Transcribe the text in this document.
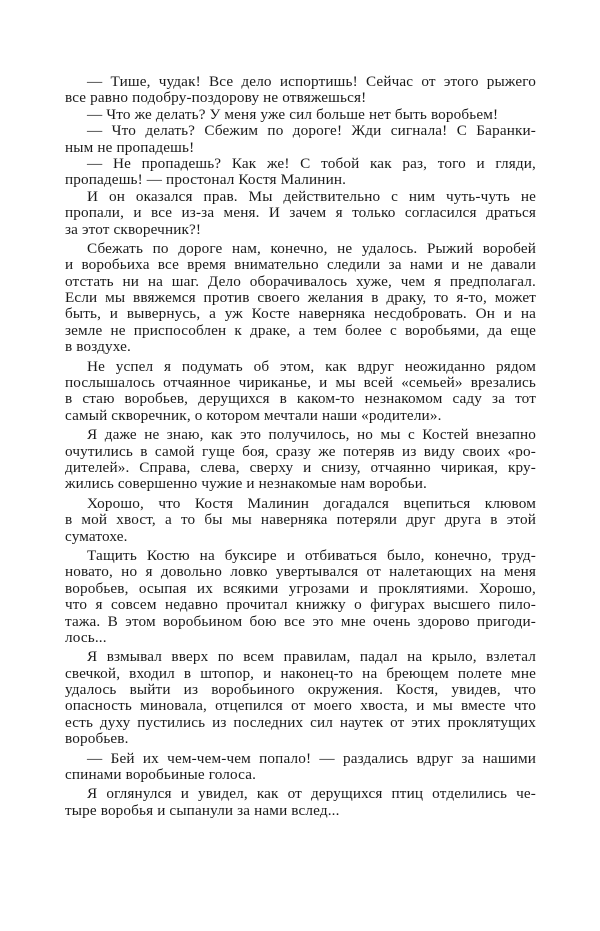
— Тише, чудак! Все дело испортишь! Сейчас от этого рыжего
все равно подобру-поздорову не отвяжешься!
— Что же делать? У меня уже сил больше нет быть воробьем!
— Что делать? Сбежим по дороге! Жди сигнала! С Баранки-
ным не пропадешь!
— Не пропадешь? Как же! С тобой как раз, того и гляди,
пропадешь! — простонал Костя Малинин.
И он оказался прав. Мы действительно с ним чуть-чуть не
пропали, и все из-за меня. И зачем я только согласился драться
за этот скворечник?!
Сбежать по дороге нам, конечно, не удалось. Рыжий воробей
и воробьиха все время внимательно следили за нами и не давали
отстать ни на шаг. Дело оборачивалось хуже, чем я предполагал.
Если мы ввяжемся против своего желания в драку, то я-то, может
быть, и вывернусь, а уж Косте наверняка несдобровать. Он и на
земле не приспособлен к драке, а тем более с воробьями, да еще
в воздухе.
Не успел я подумать об этом, как вдруг неожиданно рядом
послышалось отчаянное чириканье, и мы всей «семьей» врезались
в стаю воробьев, дерущихся в каком-то незнакомом саду за тот
самый скворечник, о котором мечтали наши «родители».
Я даже не знаю, как это получилось, но мы с Костей внезапно
очутились в самой гуще боя, сразу же потеряв из виду своих «ро-
дителей». Справа, слева, сверху и снизу, отчаянно чирикая, кру-
жились совершенно чужие и незнакомые нам воробьи.
Хорошо, что Костя Малинин догадался вцепиться клювом
в мой хвост, а то бы мы наверняка потеряли друг друга в этой
суматохе.
Тащить Костю на буксире и отбиваться было, конечно, труд-
новато, но я довольно ловко увертывался от налетающих на меня
воробьев, осыпая их всякими угрозами и проклятиями. Хорошо,
что я совсем недавно прочитал книжку о фигурах высшего пило-
тажа. В этом воробьином бою все это мне очень здорово пригоди-
лось...
Я взмывал вверх по всем правилам, падал на крыло, взлетал
свечкой, входил в штопор, и наконец-то на бреющем полете мне
удалось выйти из воробьиного окружения. Костя, увидев, что
опасность миновала, отцепился от моего хвоста, и мы вместе что
есть духу пустились из последних сил наутек от этих проклятущих
воробьев.
— Бей их чем-чем-чем попало! — раздались вдруг за нашими
спинами воробьиные голоса.
Я оглянулся и увидел, как от дерущихся птиц отделились че-
тыре воробья и сыпанули за нами вслед...
